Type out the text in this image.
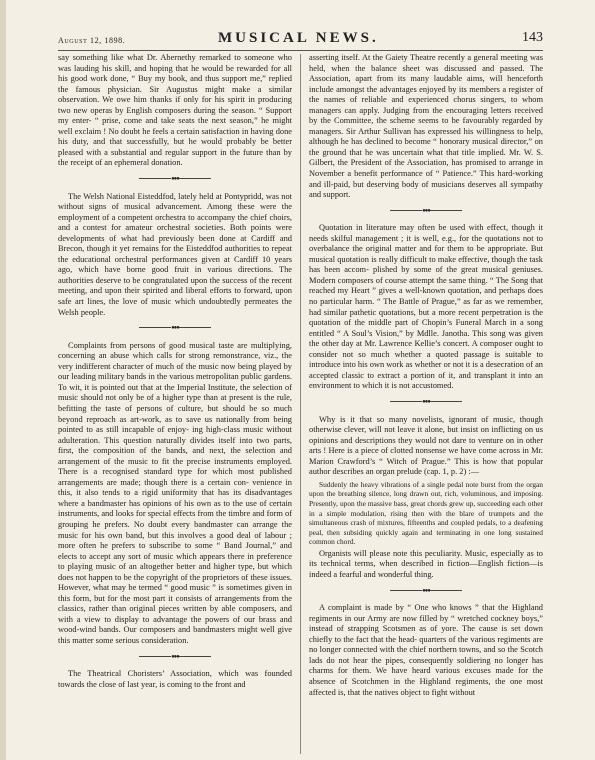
August 12, 1898.	MUSICAL NEWS.	143

say something like what Dr. Abernethy remarked to someone who was lauding his skill, and hoping that he would be rewarded for all his good work done, “ Buy my book, and thus support me,” replied the famous physician. Sir Augustus might make a similar observation. We owe him thanks if only for his spirit in producing two new operas by English composers during the season. “ Support my enter- “ prise, come and take seats the next season,” he might well exclaim ! No doubt he feels a certain satisfaction in having done his duty, and that successfully, but he would probably be better pleased with a substantial and regular support in the future than by the receipt of an ephemeral donation.

●●●

The Welsh National Eisteddfod, lately held at Pontypridd, was not without signs of musical advancement. Among these were the employment of a competent orchestra to accompany the chief choirs, and a contest for amateur orchestral societies. Both points were developments of what had previously been done at Cardiff and Brecon, though it yet remains for the Eisteddfod authorities to repeat the educational orchestral performances given at Cardiff 10 years ago, which have borne good fruit in various directions. The authorities deserve to be congratulated upon the success of the recent meeting, and upon their spirited and liberal efforts to forward, upon safe art lines, the love of music which undoubtedly permeates the Welsh people.

●●●

Complaints from persons of good musical taste are multiplying, concerning an abuse which calls for strong remonstrance, viz., the very indifferent character of much of the music now being played by our leading military bands in the various metropolitan public gardens. To wit, it is pointed out that at the Imperial Institute, the selection of music should not only be of a higher type than at present is the rule, befitting the taste of persons of culture, but should be so much beyond reproach as art-work, as to save us nationally from being pointed to as still incapable of enjoy- ing high-class music without adulteration. This question naturally divides itself into two parts, first, the composition of the bands, and next, the selection and arrangement of the music to fit the precise instruments employed. There is a recognised standard type for which most published arrangements are made; though there is a certain con- venience in this, it also tends to a rigid uniformity that has its disadvantages where a bandmaster has opinions of his own as to the use of certain instruments, and looks for special effects from the timbre and form of grouping he prefers. No doubt every bandmaster can arrange the music for his own band, but this involves a good deal of labour ; more often he prefers to subscribe to some “ Band Journal,” and elects to accept any sort of music which appears there in preference to playing music of an altogether better and higher type, but which does not happen to be the copyright of the proprietors of these issues. However, what may be termed “ good music ” is sometimes given in this form, but for the most part it consists of arrangements from the classics, rather than original pieces written by able composers, and with a view to display to advantage the powers of our brass and wood-wind bands. Our composers and bandmasters might well give this matter some serious consideration.

●●●

The Theatrical Choristers’ Association, which was founded towards the close of last year, is coming to the front and

asserting itself. At the Gaiety Theatre recently a general meeting was held, when the balance sheet was discussed and passed. The Association, apart from its many laudable aims, will henceforth include amongst the advantages enjoyed by its members a register of the names of reliable and experienced chorus singers, to whom managers can apply. Judging from the encouraging letters received by the Committee, the scheme seems to be favourably regarded by managers. Sir Arthur Sullivan has expressed his willingness to help, although he has declined to become “ honorary musical director,” on the ground that he was uncertain what that title implied. Mr. W. S. Gilbert, the President of the Association, has promised to arrange in November a benefit performance of “ Patience.” This hard-working and ill-paid, but deserving body of musicians deserves all sympathy and support.

●●●

Quotation in literature may often be used with effect, though it needs skilful management ; it is well, e.g., for the quotations not to overbalance the original matter and for them to be appropriate. But musical quotation is really difficult to make effective, though the task has been accom- plished by some of the great musical geniuses. Modern composers of course attempt the same thing. “ The Song that reached my Heart ” gives a well-known quotation, and perhaps does no particular harm. “ The Battle of Prague,” as far as we remember, had similar pathetic quotations, but a more recent perpetration is the quotation of the middle part of Chopin’s Funeral March in a song entitled “ A Soul’s Vision,” by Mdlle. Janotha. This song was given the other day at Mr. Lawrence Kellie’s concert. A composer ought to consider not so much whether a quoted passage is suitable to introduce into his own work as whether or not it is a desecration of an accepted classic to extract a portion of it, and transplant it into an environment to which it is not accustomed.

●●●

Why is it that so many novelists, ignorant of music, though otherwise clever, will not leave it alone, but insist on inflicting on us opinions and descriptions they would not dare to venture on in other arts ! Here is a piece of clotted nonsense we have come across in Mr. Marion Crawford’s “ Witch of Prague.” This is how that popular author describes an organ prelude (cap. 1, p. 2) :—

Suddenly the heavy vibrations of a single pedal note burst from the organ upon the breathing silence, long drawn out, rich, voluminous, and imposing. Presently, upon the massive bass, great chords grew up, succeeding each other in a simple modulation, rising then with the blare of trumpets and the simultaneous crash of mixtures, fifteenths and coupled pedals, to a deafening peal, then subsiding quickly again and terminating in one long sustained common chord.

Organists will please note this peculiarity. Music, especially as to its technical terms, when described in fiction—English fiction—is indeed a fearful and wonderful thing.

●●●

A complaint is made by “ One who knows ” that the Highland regiments in our Army are now filled by “ wretched cockney boys,” instead of strapping Scotsmen as of yore. The cause is set down chiefly to the fact that the head- quarters of the various regiments are no longer connected with the chief northern towns, and so the Scotch lads do not hear the pipes, consequently soldiering no longer has charms for them. We have heard various excuses made for the absence of Scotchmen in the Highland regiments, the one most affected is, that the natives object to fight without
